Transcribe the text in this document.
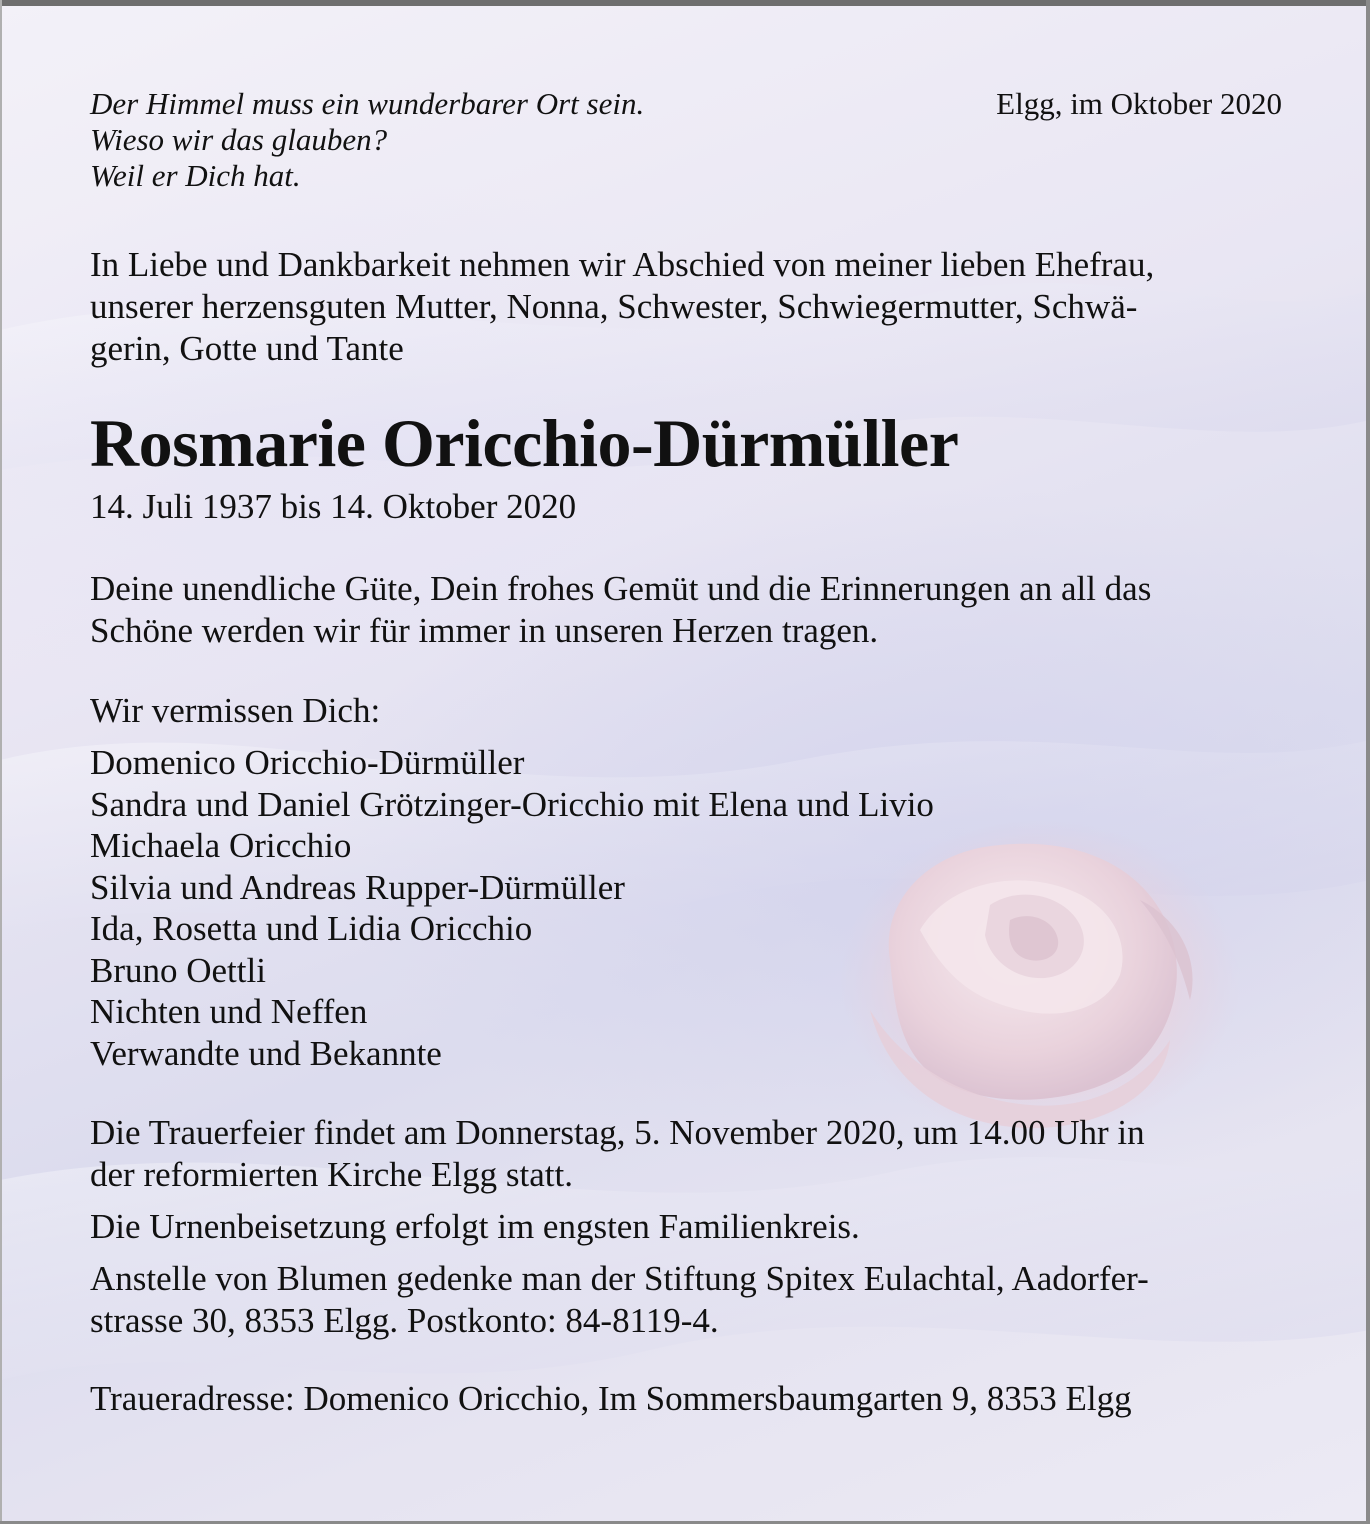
Der Himmel muss ein wunderbarer Ort sein.
Wieso wir das glauben?
Weil er Dich hat.
Elgg, im Oktober 2020
In Liebe und Dankbarkeit nehmen wir Abschied von meiner lieben Ehefrau,
unserer herzensguten Mutter, Nonna, Schwester, Schwiegermutter, Schwä-
gerin, Gotte und Tante
Rosmarie Oricchio-Dürmüller
14. Juli 1937 bis 14. Oktober 2020
Deine unendliche Güte, Dein frohes Gemüt und die Erinnerungen an all das
Schöne werden wir für immer in unseren Herzen tragen.
Wir vermissen Dich:
Domenico Oricchio-Dürmüller
Sandra und Daniel Grötzinger-Oricchio mit Elena und Livio
Michaela Oricchio
Silvia und Andreas Rupper-Dürmüller
Ida, Rosetta und Lidia Oricchio
Bruno Oettli
Nichten und Neffen
Verwandte und Bekannte
Die Trauerfeier findet am Donnerstag, 5. November 2020, um 14.00 Uhr in
der reformierten Kirche Elgg statt.
Die Urnenbeisetzung erfolgt im engsten Familienkreis.
Anstelle von Blumen gedenke man der Stiftung Spitex Eulachtal, Aadorfer-
strasse 30, 8353 Elgg. Postkonto: 84-8119-4.
Traueradresse: Domenico Oricchio, Im Sommersbaumgarten 9, 8353 Elgg
